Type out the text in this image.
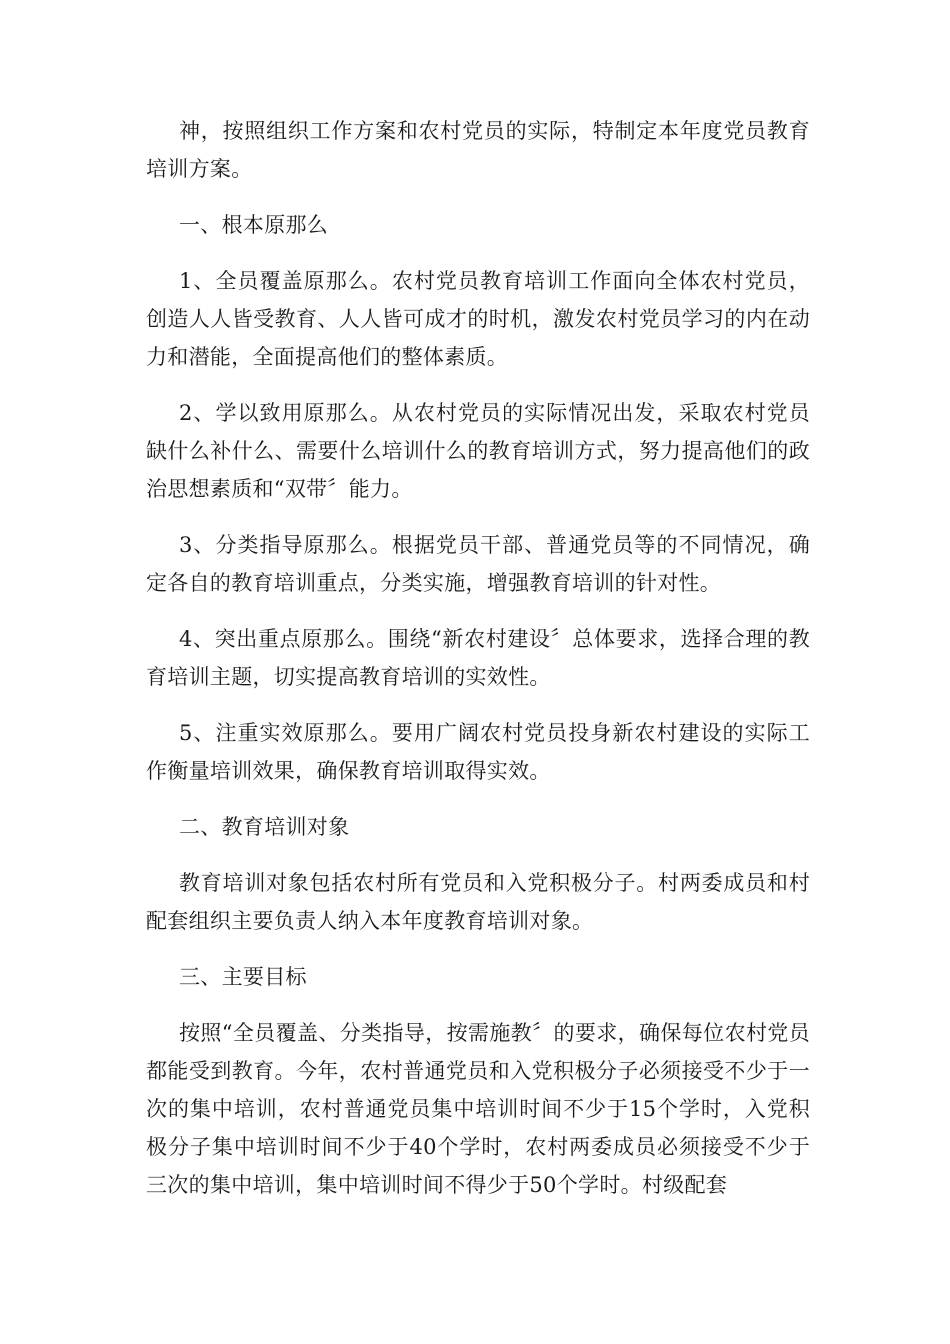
神，按照组织工作方案和农村党员的实际，特制定本年度党员教育培训方案。

一、根本原那么

1、全员覆盖原那么。农村党员教育培训工作面向全体农村党员，创造人人皆受教育、人人皆可成才的时机，激发农村党员学习的内在动力和潜能，全面提高他们的整体素质。

2、学以致用原那么。从农村党员的实际情况出发，采取农村党员缺什么补什么、需要什么培训什么的教育培训方式，努力提高他们的政治思想素质和“双带〞能力。

3、分类指导原那么。根据党员干部、普通党员等的不同情况，确定各自的教育培训重点，分类实施，增强教育培训的针对性。

4、突出重点原那么。围绕“新农村建设〞总体要求，选择合理的教育培训主题，切实提高教育培训的实效性。

5、注重实效原那么。要用广阔农村党员投身新农村建设的实际工作衡量培训效果，确保教育培训取得实效。

二、教育培训对象

教育培训对象包括农村所有党员和入党积极分子。村两委成员和村配套组织主要负责人纳入本年度教育培训对象。

三、主要目标

按照“全员覆盖、分类指导，按需施教〞的要求，确保每位农村党员都能受到教育。今年，农村普通党员和入党积极分子必须接受不少于一次的集中培训，农村普通党员集中培训时间不少于15个学时，入党积极分子集中培训时间不少于40个学时，农村两委成员必须接受不少于三次的集中培训，集中培训时间不得少于50个学时。村级配套
